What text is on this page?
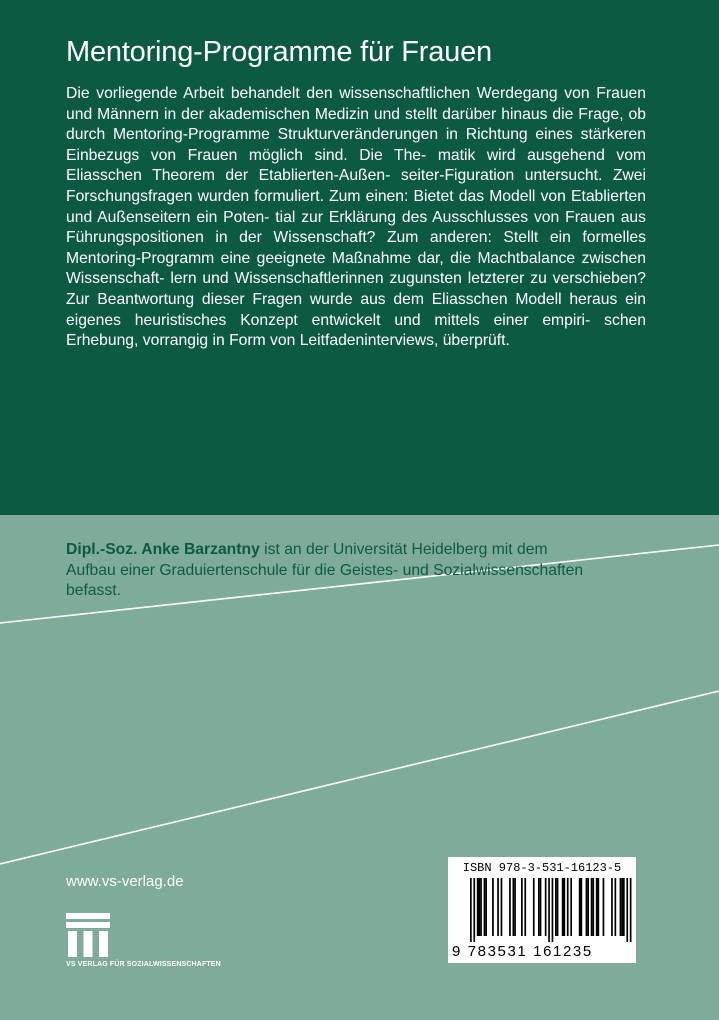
Mentoring-Programme für Frauen

Die vorliegende Arbeit behandelt den wissenschaftlichen Werdegang von Frauen und Männern in der akademischen Medizin und stellt darüber hinaus die Frage, ob durch Mentoring-Programme Strukturveränderungen in Richtung eines stärkeren Einbezugs von Frauen möglich sind. Die The- matik wird ausgehend vom Eliasschen Theorem der Etablierten-Außen- seiter-Figuration untersucht. Zwei Forschungsfragen wurden formuliert. Zum einen: Bietet das Modell von Etablierten und Außenseitern ein Poten- tial zur Erklärung des Ausschlusses von Frauen aus Führungspositionen in der Wissenschaft? Zum anderen: Stellt ein formelles Mentoring-Programm eine geeignete Maßnahme dar, die Machtbalance zwischen Wissenschaft- lern und Wissenschaftlerinnen zugunsten letzterer zu verschieben? Zur Beantwortung dieser Fragen wurde aus dem Eliasschen Modell heraus ein eigenes heuristisches Konzept entwickelt und mittels einer empiri- schen Erhebung, vorrangig in Form von Leitfadeninterviews, überprüft.

Dipl.-Soz. Anke Barzantny ist an der Universität Heidelberg mit dem
Aufbau einer Graduiertenschule für die Geistes- und Sozialwissenschaften
befasst.

www.vs-verlag.de
VS VERLAG FÜR SOZIALWISSENSCHAFTEN
ISBN 978-3-531-16123-5
9 783531 161235
